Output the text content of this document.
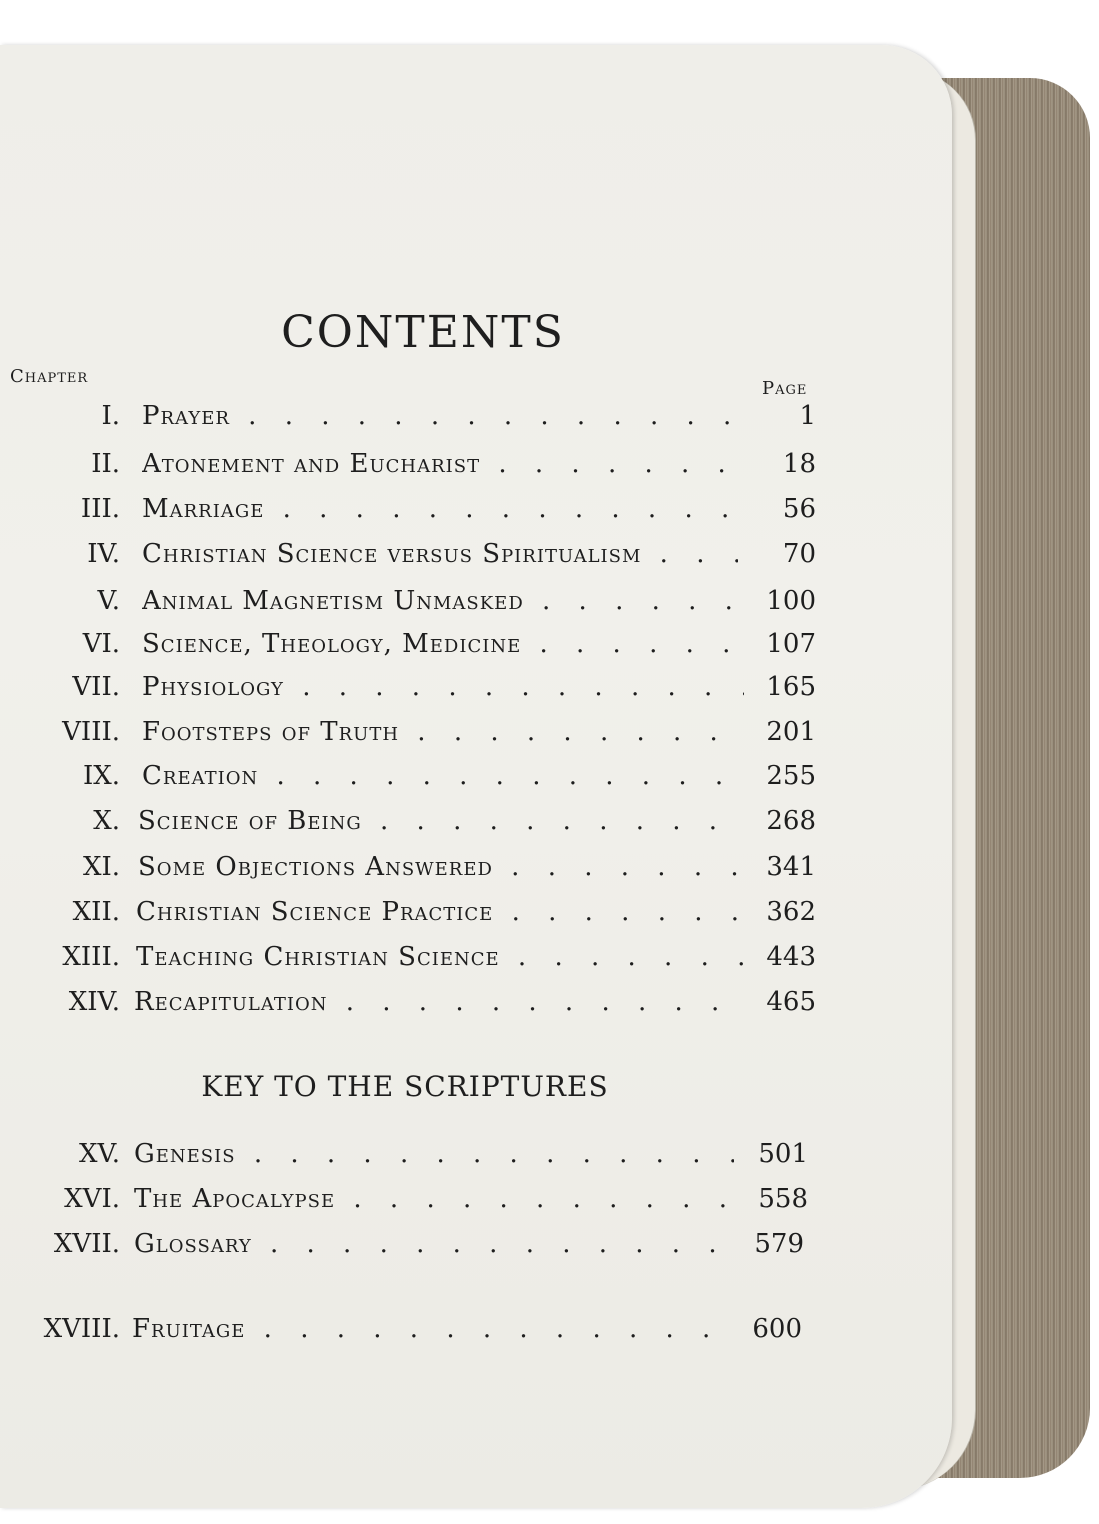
CONTENTS
Chapter
Page
I. Prayer . . .	1
II. Atonement and Eucharist . . .	18
III. Marriage . . .	56
IV. Christian Science versus Spiritualism . . .	70
V. Animal Magnetism Unmasked . . .	100
VI. Science, Theology, Medicine . . .	107
VII. Physiology . . .	165
VIII. Footsteps of Truth . . .	201
IX. Creation . . .	255
X. Science of Being . . .	268
XI. Some Objections Answered . . .	341
XII. Christian Science Practice . . .	362
XIII. Teaching Christian Science . . .	443
XIV. Recapitulation . . .	465
KEY TO THE SCRIPTURES
XV. Genesis . . .	501
XVI. The Apocalypse . . .	558
XVII. Glossary . . .	579
XVIII. Fruitage . . .	600
